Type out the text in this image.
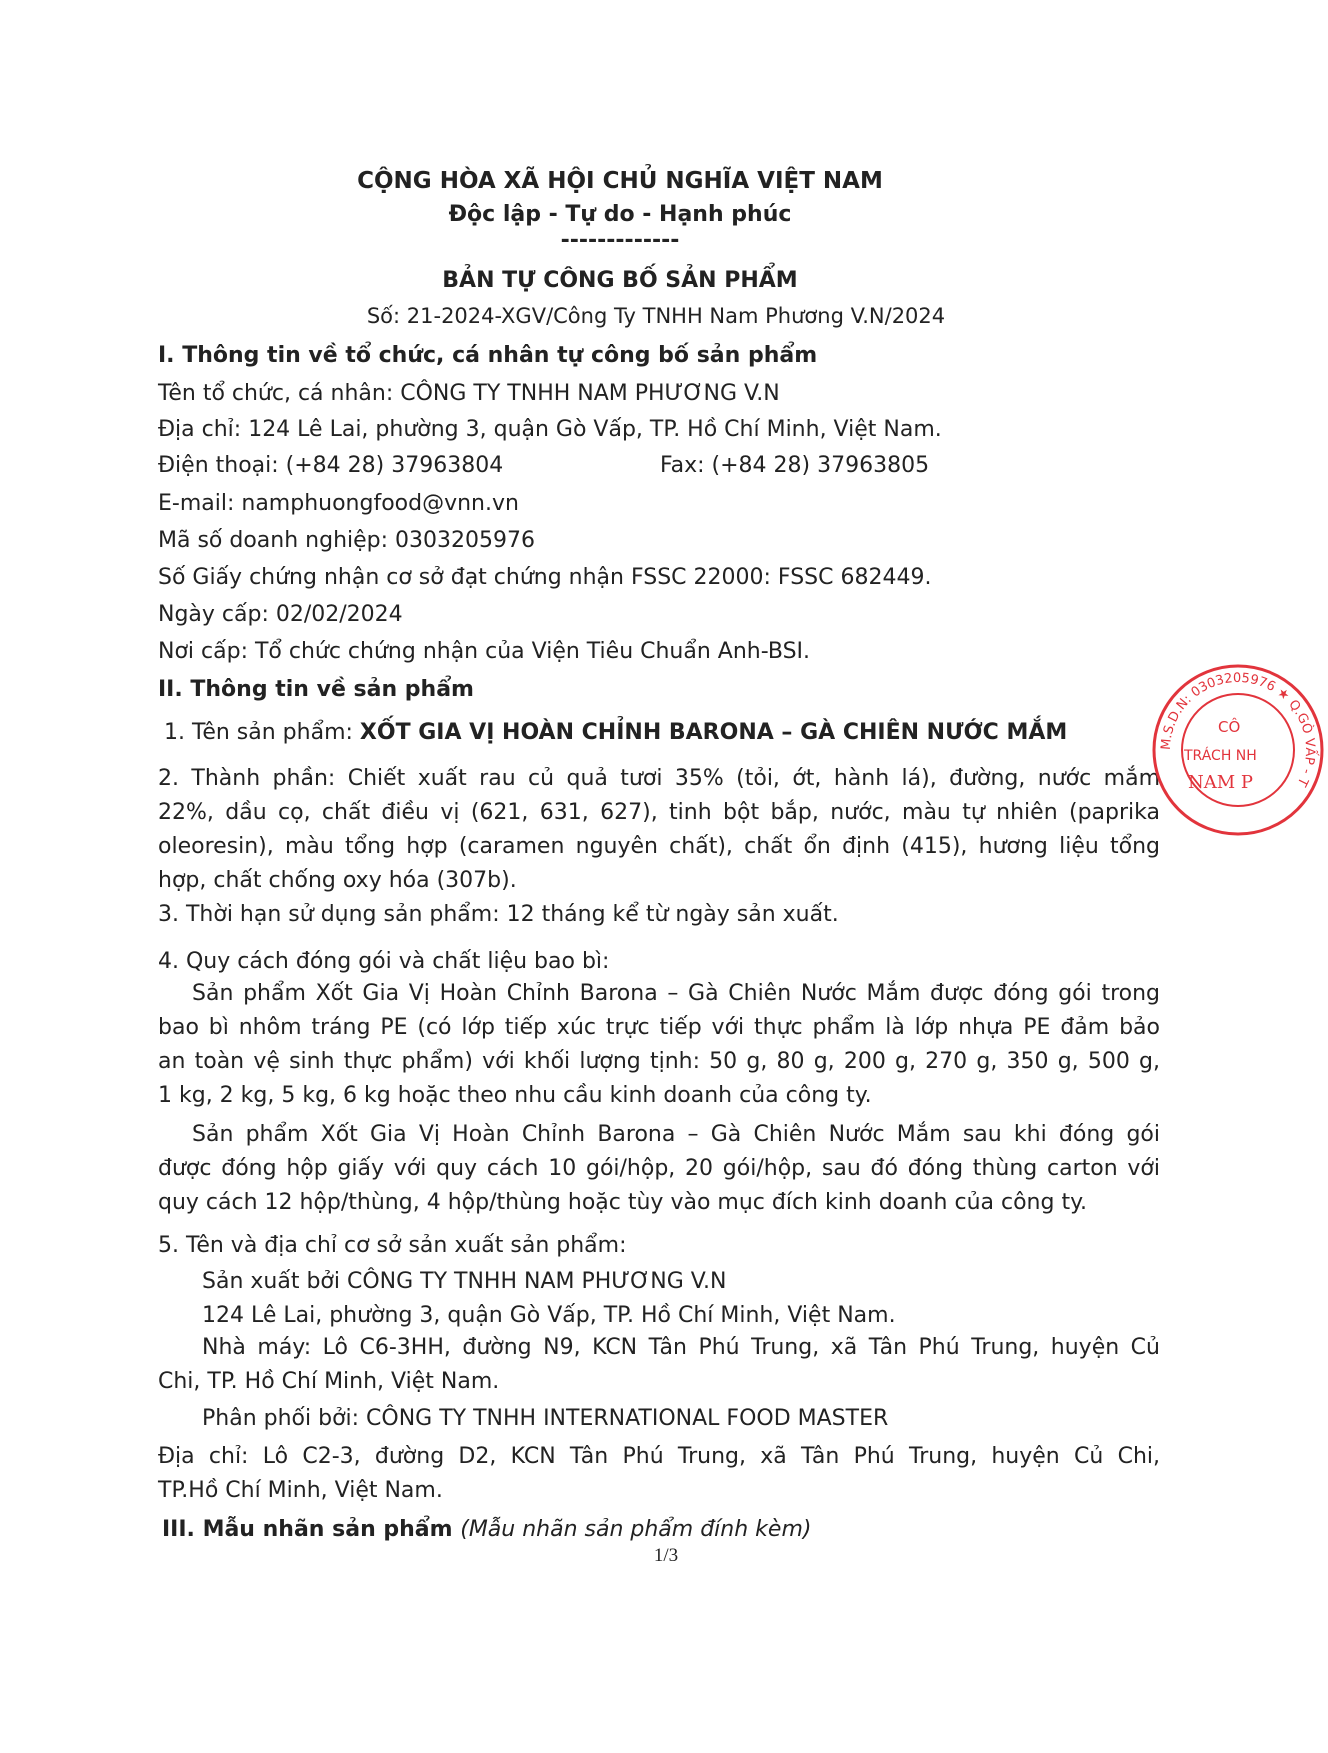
CỘNG HÒA XÃ HỘI CHỦ NGHĨA VIỆT NAM
Độc lập - Tự do - Hạnh phúc
-------------
BẢN TỰ CÔNG BỐ SẢN PHẨM
Số: 21-2024-XGV/Công Ty TNHH Nam Phương V.N/2024
I. Thông tin về tổ chức, cá nhân tự công bố sản phẩm
Tên tổ chức, cá nhân: CÔNG TY TNHH NAM PHƯƠNG V.N
Địa chỉ: 124 Lê Lai, phường 3, quận Gò Vấp, TP. Hồ Chí Minh, Việt Nam.
Điện thoại: (+84 28) 37963804	Fax: (+84 28) 37963805
E-mail: namphuongfood@vnn.vn
Mã số doanh nghiệp: 0303205976
Số Giấy chứng nhận cơ sở đạt chứng nhận FSSC 22000: FSSC 682449.
Ngày cấp: 02/02/2024
Nơi cấp: Tổ chức chứng nhận của Viện Tiêu Chuẩn Anh-BSI.
II. Thông tin về sản phẩm
1. Tên sản phẩm: XỐT GIA VỊ HOÀN CHỈNH BARONA – GÀ CHIÊN NƯỚC MẮM
2. Thành phần: Chiết xuất rau củ quả tươi 35% (tỏi, ớt, hành lá), đường, nước mắm
22%, dầu cọ, chất điều vị (621, 631, 627), tinh bột bắp, nước, màu tự nhiên (paprika
oleoresin), màu tổng hợp (caramen nguyên chất), chất ổn định (415), hương liệu tổng
hợp, chất chống oxy hóa (307b).
3. Thời hạn sử dụng sản phẩm: 12 tháng kể từ ngày sản xuất.
4. Quy cách đóng gói và chất liệu bao bì:
Sản phẩm Xốt Gia Vị Hoàn Chỉnh Barona – Gà Chiên Nước Mắm được đóng gói trong
bao bì nhôm tráng PE (có lớp tiếp xúc trực tiếp với thực phẩm là lớp nhựa PE đảm bảo
an toàn vệ sinh thực phẩm) với khối lượng tịnh: 50 g, 80 g, 200 g, 270 g, 350 g, 500 g,
1 kg, 2 kg, 5 kg, 6 kg hoặc theo nhu cầu kinh doanh của công ty.
Sản phẩm Xốt Gia Vị Hoàn Chỉnh Barona – Gà Chiên Nước Mắm sau khi đóng gói
được đóng hộp giấy với quy cách 10 gói/hộp, 20 gói/hộp, sau đó đóng thùng carton với
quy cách 12 hộp/thùng, 4 hộp/thùng hoặc tùy vào mục đích kinh doanh của công ty.
5. Tên và địa chỉ cơ sở sản xuất sản phẩm:
Sản xuất bởi CÔNG TY TNHH NAM PHƯƠNG V.N
124 Lê Lai, phường 3, quận Gò Vấp, TP. Hồ Chí Minh, Việt Nam.
Nhà máy: Lô C6-3HH, đường N9, KCN Tân Phú Trung, xã Tân Phú Trung, huyện Củ
Chi, TP. Hồ Chí Minh, Việt Nam.
Phân phối bởi: CÔNG TY TNHH INTERNATIONAL FOOD MASTER
Địa chỉ: Lô C2-3, đường D2, KCN Tân Phú Trung, xã Tân Phú Trung, huyện Củ Chi,
TP.Hồ Chí Minh, Việt Nam.
III. Mẫu nhãn sản phẩm (Mẫu nhãn sản phẩm đính kèm)
1/3
M.S.D.N: 0303205976 ★ Q.GÒ VẤP - T
CÔ
TRÁCH NH
NAM P
